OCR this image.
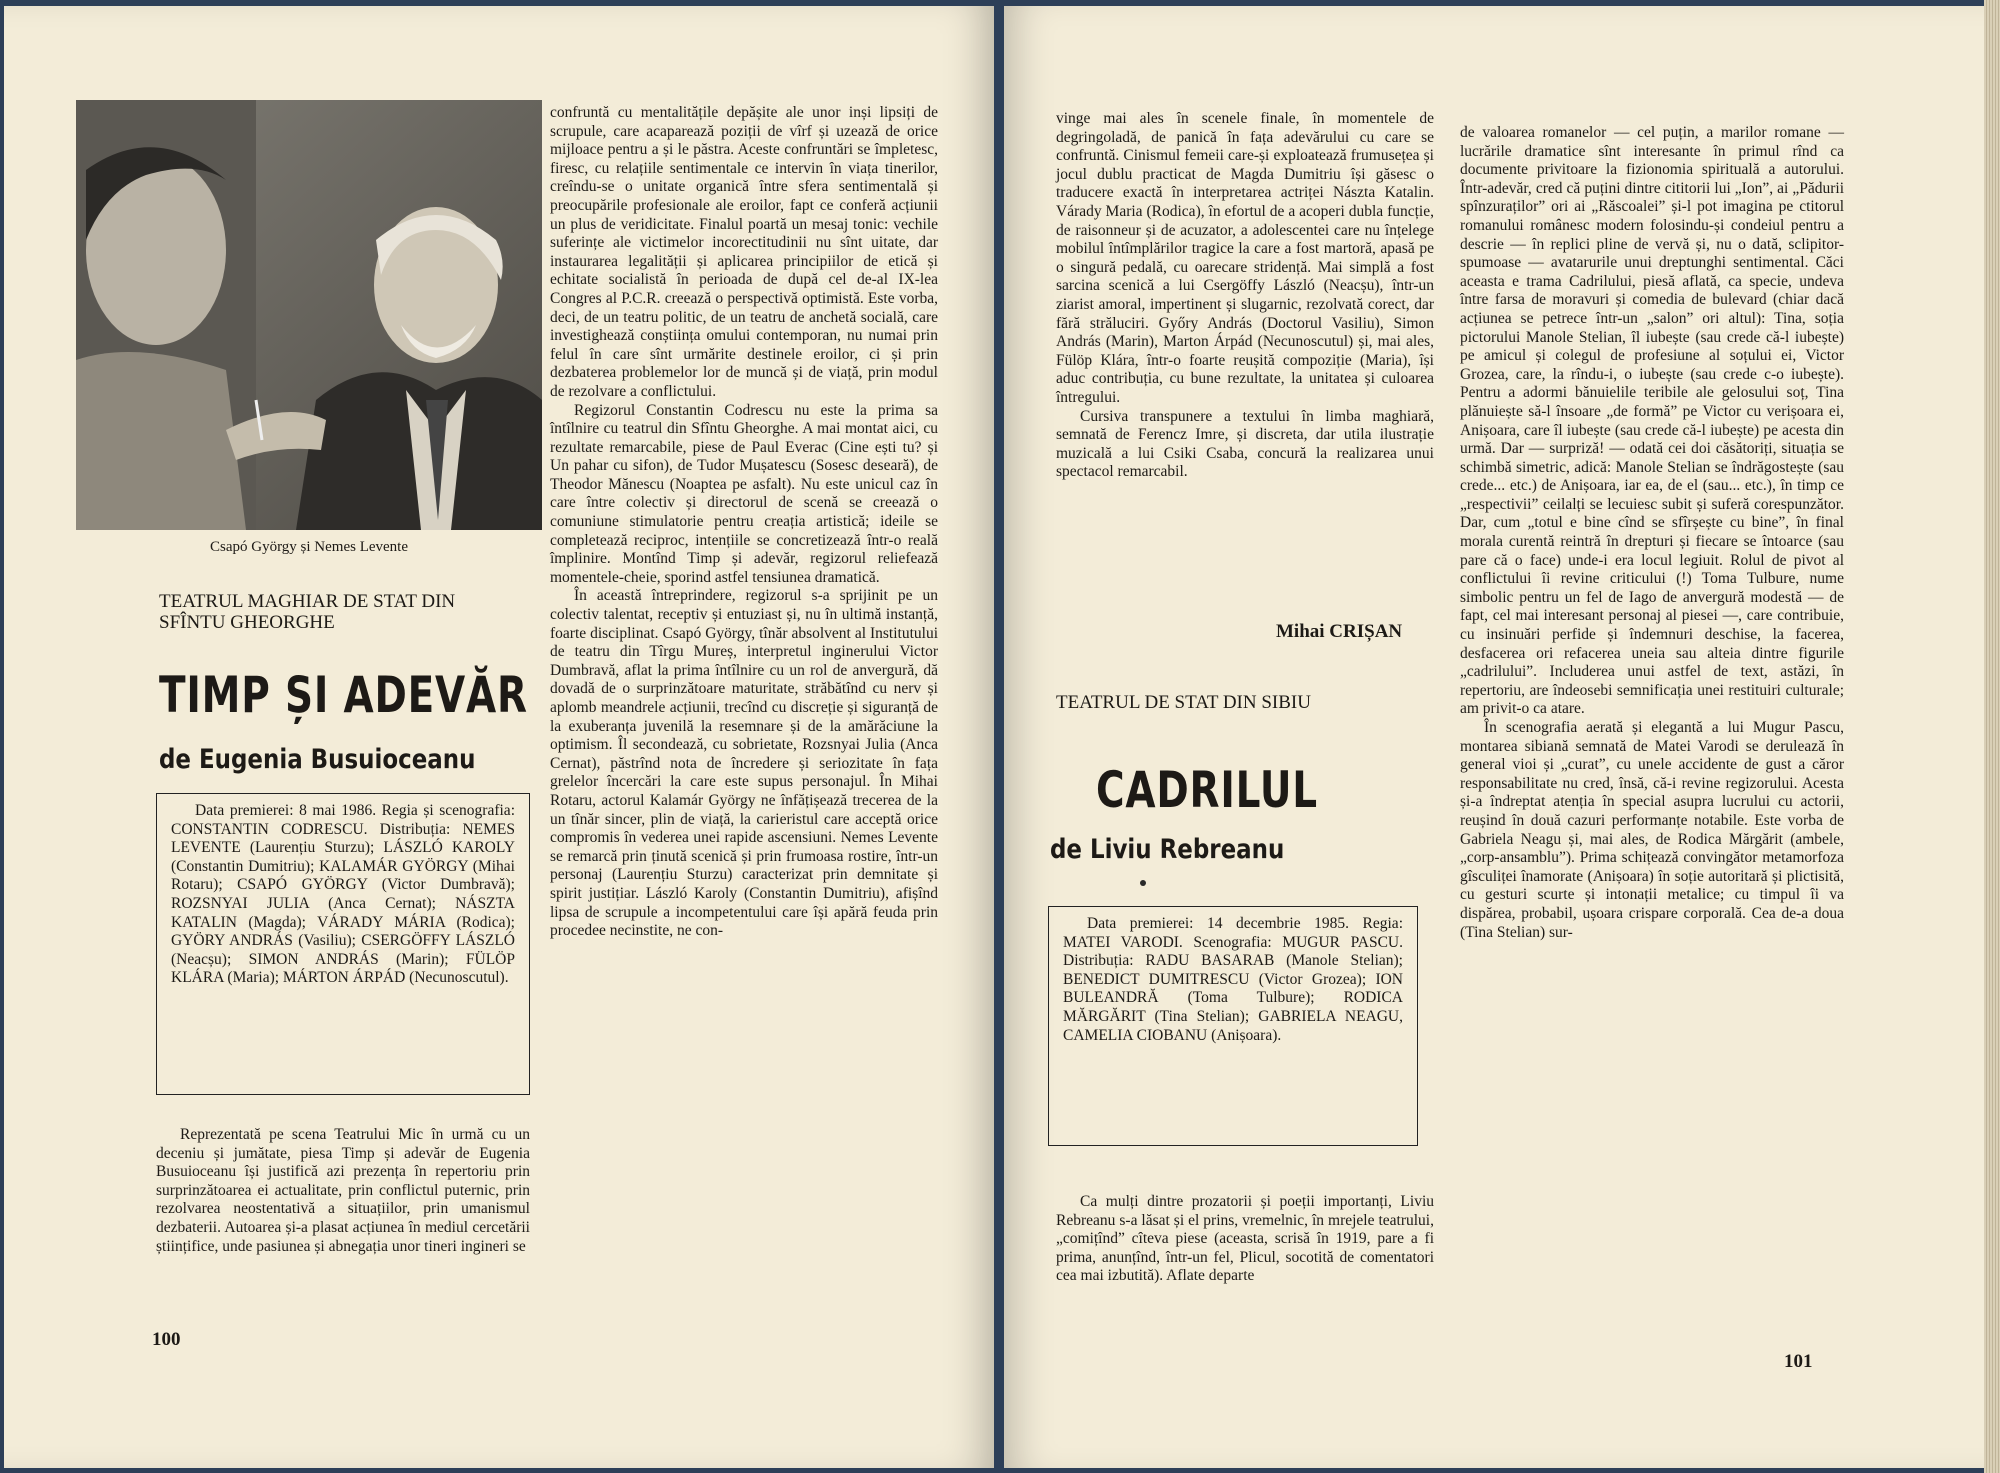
Csapó György și Nemes Levente
TEATRUL MAGHIAR DE STAT DIN SFÎNTU GHEORGHE
TIMP ȘI ADEVĂR
de Eugenia Busuioceanu

Data premierei: 8 mai 1986. Regia și scenografia: CONSTANTIN CODRESCU. Distribuția: NEMES LEVENTE (Laurențiu Sturzu); LÁSZLÓ KAROLY (Constantin Dumitriu); KALAMÁR GYÖRGY (Mihai Rotaru); CSAPÓ GYÖRGY (Victor Dumbravă); ROZSNYAI JULIA (Anca Cernat); NÁSZTA KATALIN (Magda); VÁRADY MÁRIA (Rodica); GYÖRY ANDRÁS (Vasiliu); CSERGÖFFY LÁSZLÓ (Neacșu); SIMON ANDRÁS (Marin); FÜLÖP KLÁRA (Maria); MÁRTON ÁRPÁD (Necunoscutul).

Reprezentată pe scena Teatrului Mic în urmă cu un deceniu și jumătate, piesa Timp și adevăr de Eugenia Busuioceanu își justifică azi prezența în repertoriu prin surprinzătoarea ei actualitate, prin conflictul puternic, prin rezolvarea neostentativă a situațiilor, prin umanismul dezbaterii. Autoarea și-a plasat acțiunea în mediul cercetării științifice, unde pasiunea și abnegația unor tineri ingineri se

confruntă cu mentalitățile depășite ale unor inși lipsiți de scrupule, care acaparează poziții de vîrf și uzează de orice mijloace pentru a și le păstra. Aceste confruntări se împletesc, firesc, cu relațiile sentimentale ce intervin în viața tinerilor, creîndu-se o unitate organică între sfera sentimentală și preocupările profesionale ale eroilor, fapt ce conferă acțiunii un plus de veridicitate. Finalul poartă un mesaj tonic: vechile suferințe ale victimelor incorectitudinii nu sînt uitate, dar instaurarea legalității și aplicarea principiilor de etică și echitate socialistă în perioada de după cel de-al IX-lea Congres al P.C.R. creează o perspectivă optimistă. Este vorba, deci, de un teatru politic, de un teatru de anchetă socială, care investighează conștiința omului contemporan, nu numai prin felul în care sînt urmărite destinele eroilor, ci și prin dezbaterea problemelor lor de muncă și de viață, prin modul de rezolvare a conflictului.

Regizorul Constantin Codrescu nu este la prima sa întîlnire cu teatrul din Sfîntu Gheorghe. A mai montat aici, cu rezultate remarcabile, piese de Paul Everac (Cine ești tu? și Un pahar cu sifon), de Tudor Mușatescu (Sosesc deseară), de Theodor Mănescu (Noaptea pe asfalt). Nu este unicul caz în care între colectiv și directorul de scenă se creează o comuniune stimulatorie pentru creația artistică; ideile se completează reciproc, intențiile se concretizează într-o reală împlinire. Montînd Timp și adevăr, regizorul reliefează momentele-cheie, sporind astfel tensiunea dramatică.

În această întreprindere, regizorul s-a sprijinit pe un colectiv talentat, receptiv și entuziast și, nu în ultimă instanță, foarte disciplinat. Csapó György, tînăr absolvent al Institutului de teatru din Tîrgu Mureș, interpretul inginerului Victor Dumbravă, aflat la prima întîlnire cu un rol de anvergură, dă dovadă de o surprinzătoare maturitate, străbătînd cu nerv și aplomb meandrele acțiunii, trecînd cu discreție și siguranță de la exuberanța juvenilă la resemnare și de la amărăciune la optimism. Îl secondează, cu sobrietate, Rozsnyai Julia (Anca Cernat), păstrînd nota de încredere și seriozitate în fața grelelor încercări la care este supus personajul. În Mihai Rotaru, actorul Kalamár György ne înfățișează trecerea de la un tînăr sincer, plin de viață, la carieristul care acceptă orice compromis în vederea unei rapide ascensiuni. Nemes Levente se remarcă prin ținută scenică și prin frumoasa rostire, într-un personaj (Laurențiu Sturzu) caracterizat prin demnitate și spirit justițiar. László Karoly (Constantin Dumitriu), afișînd lipsa de scrupule a incompetentului care își apără feuda prin procedee necinstite, ne con-

100

vinge mai ales în scenele finale, în momentele de degringoladă, de panică în fața adevărului cu care se confruntă. Cinismul femeii care-și exploatează frumusețea și jocul dublu practicat de Magda Dumitriu își găsesc o traducere exactă în interpretarea actriței Nászta Katalin. Várady Maria (Rodica), în efortul de a acoperi dubla funcție, de raisonneur și de acuzator, a adolescentei care nu înțelege mobilul întîmplărilor tragice la care a fost martoră, apasă pe o singură pedală, cu oarecare stridență. Mai simplă a fost sarcina scenică a lui Csergöffy László (Neacșu), într-un ziarist amoral, impertinent și slugarnic, rezolvată corect, dar fără străluciri. Győry András (Doctorul Vasiliu), Simon András (Marin), Marton Árpád (Necunoscutul) și, mai ales, Fülöp Klára, într-o foarte reușită compoziție (Maria), își aduc contribuția, cu bune rezultate, la unitatea și culoarea întregului.

Cursiva transpunere a textului în limba maghiară, semnată de Ferencz Imre, și discreta, dar utila ilustrație muzicală a lui Csiki Csaba, concură la realizarea unui spectacol remarcabil.

Mihai CRIȘAN
TEATRUL DE STAT DIN SIBIU
CADRILUL
de Liviu Rebreanu

Data premierei: 14 decembrie 1985. Regia: MATEI VARODI. Scenografia: MUGUR PASCU. Distribuția: RADU BASARAB (Manole Stelian); BENEDICT DUMITRESCU (Victor Grozea); ION BULEANDRĂ (Toma Tulbure); RODICA MĂRGĂRIT (Tina Stelian); GABRIELA NEAGU, CAMELIA CIOBANU (Anișoara).

Ca mulți dintre prozatorii și poeții importanți, Liviu Rebreanu s-a lăsat și el prins, vremelnic, în mrejele teatrului, „comițînd” cîteva piese (aceasta, scrisă în 1919, pare a fi prima, anunțînd, într-un fel, Plicul, socotită de comentatori cea mai izbutită). Aflate departe

de valoarea romanelor — cel puțin, a marilor romane — lucrările dramatice sînt interesante în primul rînd ca documente privitoare la fizionomia spirituală a autorului. Într-adevăr, cred că puțini dintre cititorii lui „Ion”, ai „Pădurii spînzuraților” ori ai „Răscoalei” și-l pot imagina pe ctitorul romanului românesc modern folosindu-și condeiul pentru a descrie — în replici pline de vervă și, nu o dată, sclipitor-spumoase — avatarurile unui dreptunghi sentimental. Căci aceasta e trama Cadrilului, piesă aflată, ca specie, undeva între farsa de moravuri și comedia de bulevard (chiar dacă acțiunea se petrece într-un „salon” ori altul): Tina, soția pictorului Manole Stelian, îl iubește (sau crede că-l iubește) pe amicul și colegul de profesiune al soțului ei, Victor Grozea, care, la rîndu-i, o iubește (sau crede c-o iubește). Pentru a adormi bănuielile teribile ale gelosului soț, Tina plănuiește să-l însoare „de formă” pe Victor cu verișoara ei, Anișoara, care îl iubește (sau crede că-l iubește) pe acesta din urmă. Dar — surpriză! — odată cei doi căsătoriți, situația se schimbă simetric, adică: Manole Stelian se îndrăgostește (sau crede... etc.) de Anișoara, iar ea, de el (sau... etc.), în timp ce „respectivii” ceilalți se lecuiesc subit și suferă corespunzător. Dar, cum „totul e bine cînd se sfîrșește cu bine”, în final morala curentă reintră în drepturi și fiecare se întoarce (sau pare că o face) unde-i era locul legiuit. Rolul de pivot al conflictului îi revine criticului (!) Toma Tulbure, nume simbolic pentru un fel de Iago de anvergură modestă — de fapt, cel mai interesant personaj al piesei —, care contribuie, cu insinuări perfide și îndemnuri deschise, la facerea, desfacerea ori refacerea uneia sau alteia dintre figurile „cadrilului”. Includerea unui astfel de text, astăzi, în repertoriu, are îndeosebi semnificația unei restituiri culturale; am privit-o ca atare.

În scenografia aerată și elegantă a lui Mugur Pascu, montarea sibiană semnată de Matei Varodi se derulează în general vioi și „curat”, cu unele accidente de gust a căror responsabilitate nu cred, însă, că-i revine regizorului. Acesta și-a îndreptat atenția în special asupra lucrului cu actorii, reușind în două cazuri performanțe notabile. Este vorba de Gabriela Neagu și, mai ales, de Rodica Mărgărit (ambele, „corp-ansamblu”). Prima schițează convingător metamorfoza gîsculiței înamorate (Anișoara) în soție autoritară și plictisită, cu gesturi scurte și intonații metalice; cu timpul îi va dispărea, probabil, ușoara crispare corporală. Cea de-a doua (Tina Stelian) sur-

101
